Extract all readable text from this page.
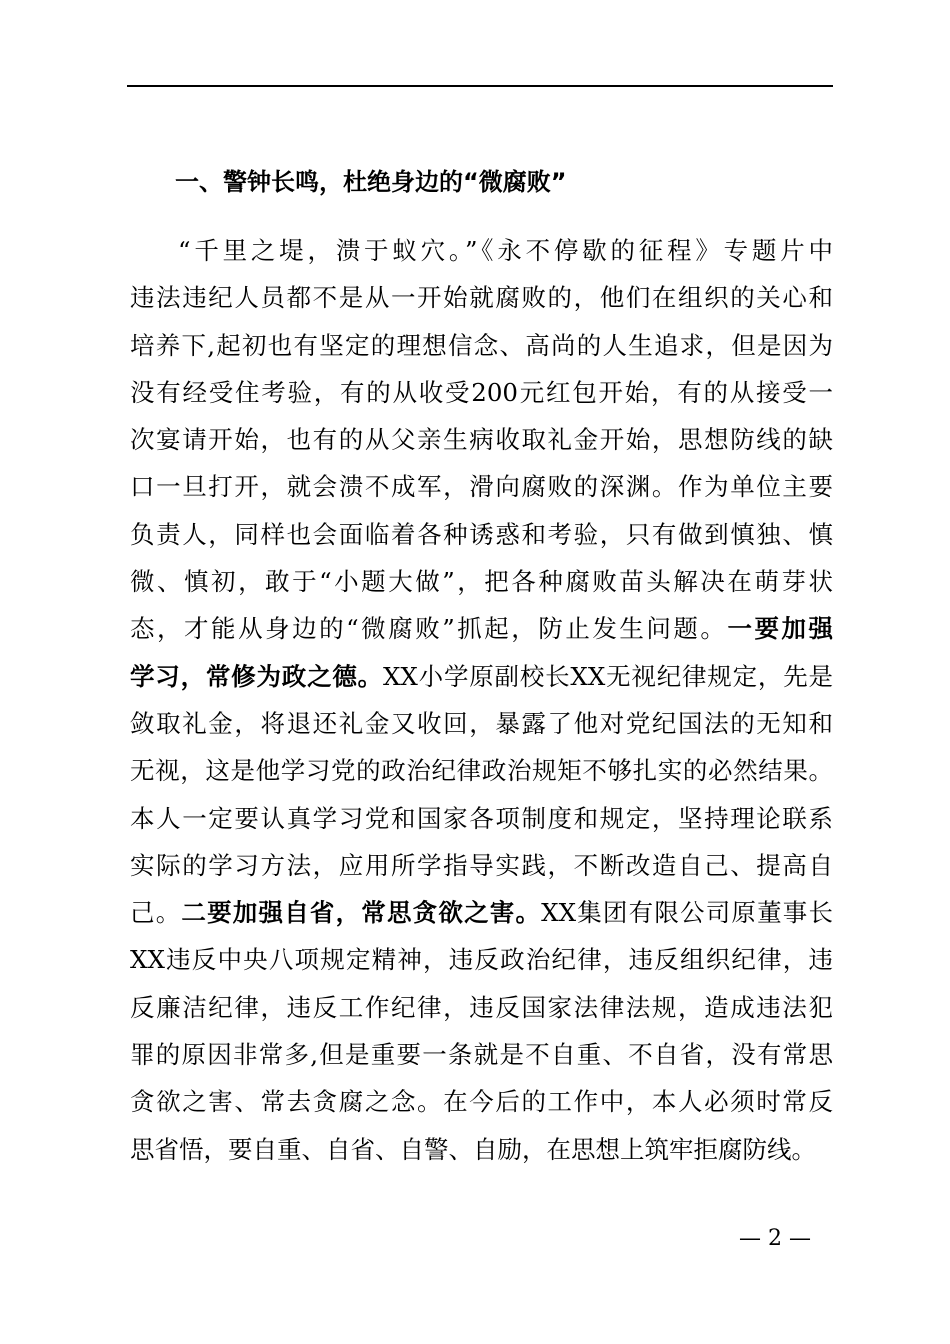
一、警钟长鸣，杜绝身边的“微腐败”
“千里之堤，溃于蚁穴。”《永不停歇的征程》专题片中
违法违纪人员都不是从一开始就腐败的，他们在组织的关心和
培养下,起初也有坚定的理想信念、高尚的人生追求，但是因为
没有经受住考验，有的从收受200元红包开始，有的从接受一
次宴请开始，也有的从父亲生病收取礼金开始，思想防线的缺
口一旦打开，就会溃不成军，滑向腐败的深渊。作为单位主要
负责人，同样也会面临着各种诱惑和考验，只有做到慎独、慎
微、慎初，敢于“小题大做”，把各种腐败苗头解决在萌芽状
态，才能从身边的“微腐败”抓起，防止发生问题。一要加强
学习，常修为政之德。XX小学原副校长XX无视纪律规定，先是
敛取礼金，将退还礼金又收回，暴露了他对党纪国法的无知和
无视，这是他学习党的政治纪律政治规矩不够扎实的必然结果。
本人一定要认真学习党和国家各项制度和规定，坚持理论联系
实际的学习方法，应用所学指导实践，不断改造自己、提高自
己。二要加强自省，常思贪欲之害。XX集团有限公司原董事长
XX违反中央八项规定精神，违反政治纪律，违反组织纪律，违
反廉洁纪律，违反工作纪律，违反国家法律法规，造成违法犯
罪的原因非常多,但是重要一条就是不自重、不自省，没有常思
贪欲之害、常去贪腐之念。在今后的工作中，本人必须时常反
思省悟，要自重、自省、自警、自励，在思想上筑牢拒腐防线。
— 2 —
